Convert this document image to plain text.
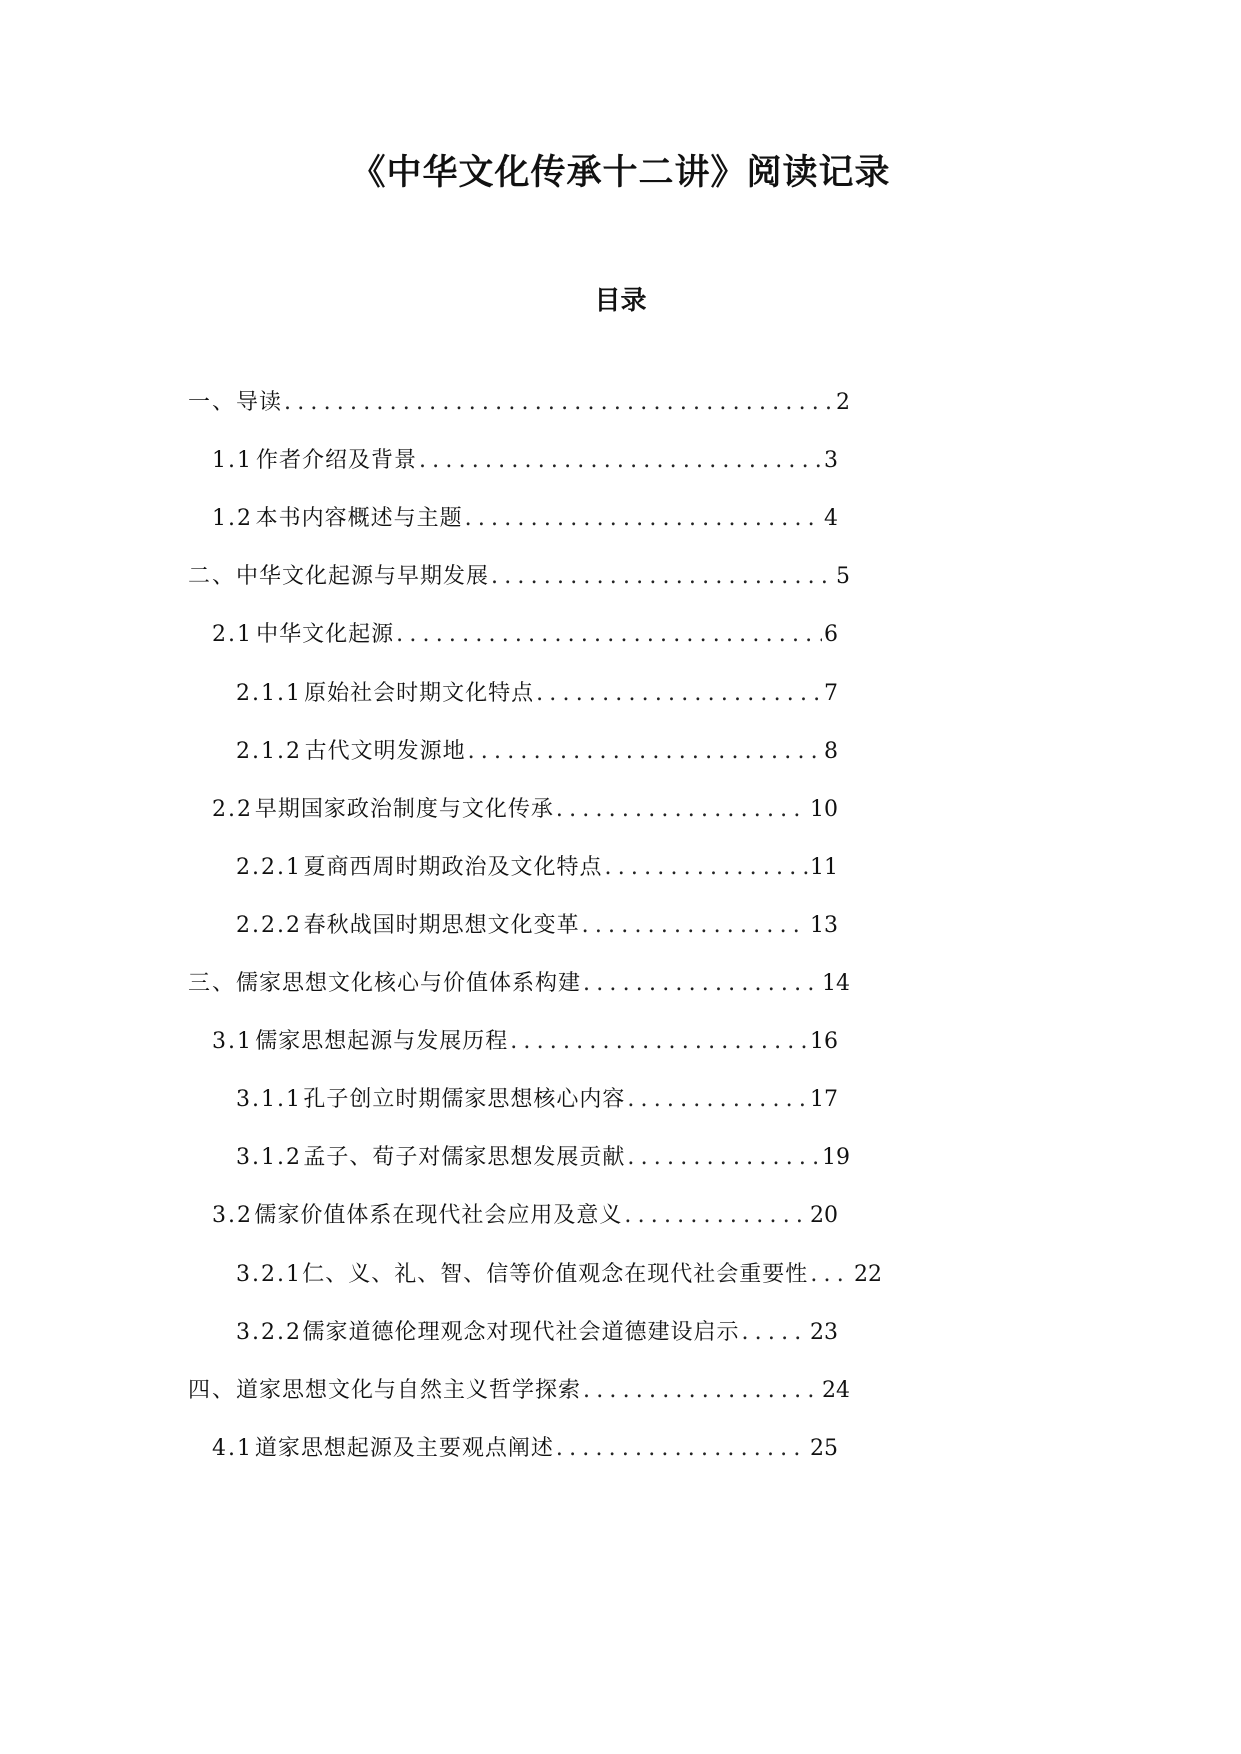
《中华文化传承十二讲》阅读记录
目录
一、 导读 .....	2
1.1 作者介绍及背景 .....	3
1.2 本书内容概述与主题 .....	4
二、 中华文化起源与早期发展 .....	5
2.1 中华文化起源 .....	6
2.1.1 原始社会时期文化特点 .....	7
2.1.2 古代文明发源地 .....	8
2.2 早期国家政治制度与文化传承 .....	10
2.2.1 夏商西周时期政治及文化特点 .....	11
2.2.2 春秋战国时期思想文化变革 .....	13
三、 儒家思想文化核心与价值体系构建 .....	14
3.1 儒家思想起源与发展历程 .....	16
3.1.1 孔子创立时期儒家思想核心内容 .....	17
3.1.2 孟子、荀子对儒家思想发展贡献 .....	19
3.2 儒家价值体系在现代社会应用及意义 .....	20
3.2.1 仁、义、礼、智、信等价值观念在现代社会重要性 ..... 22
3.2.2 儒家道德伦理观念对现代社会道德建设启示 .....	23
四、 道家思想文化与自然主义哲学探索 .....	24
4.1 道家思想起源及主要观点阐述 .....	25
